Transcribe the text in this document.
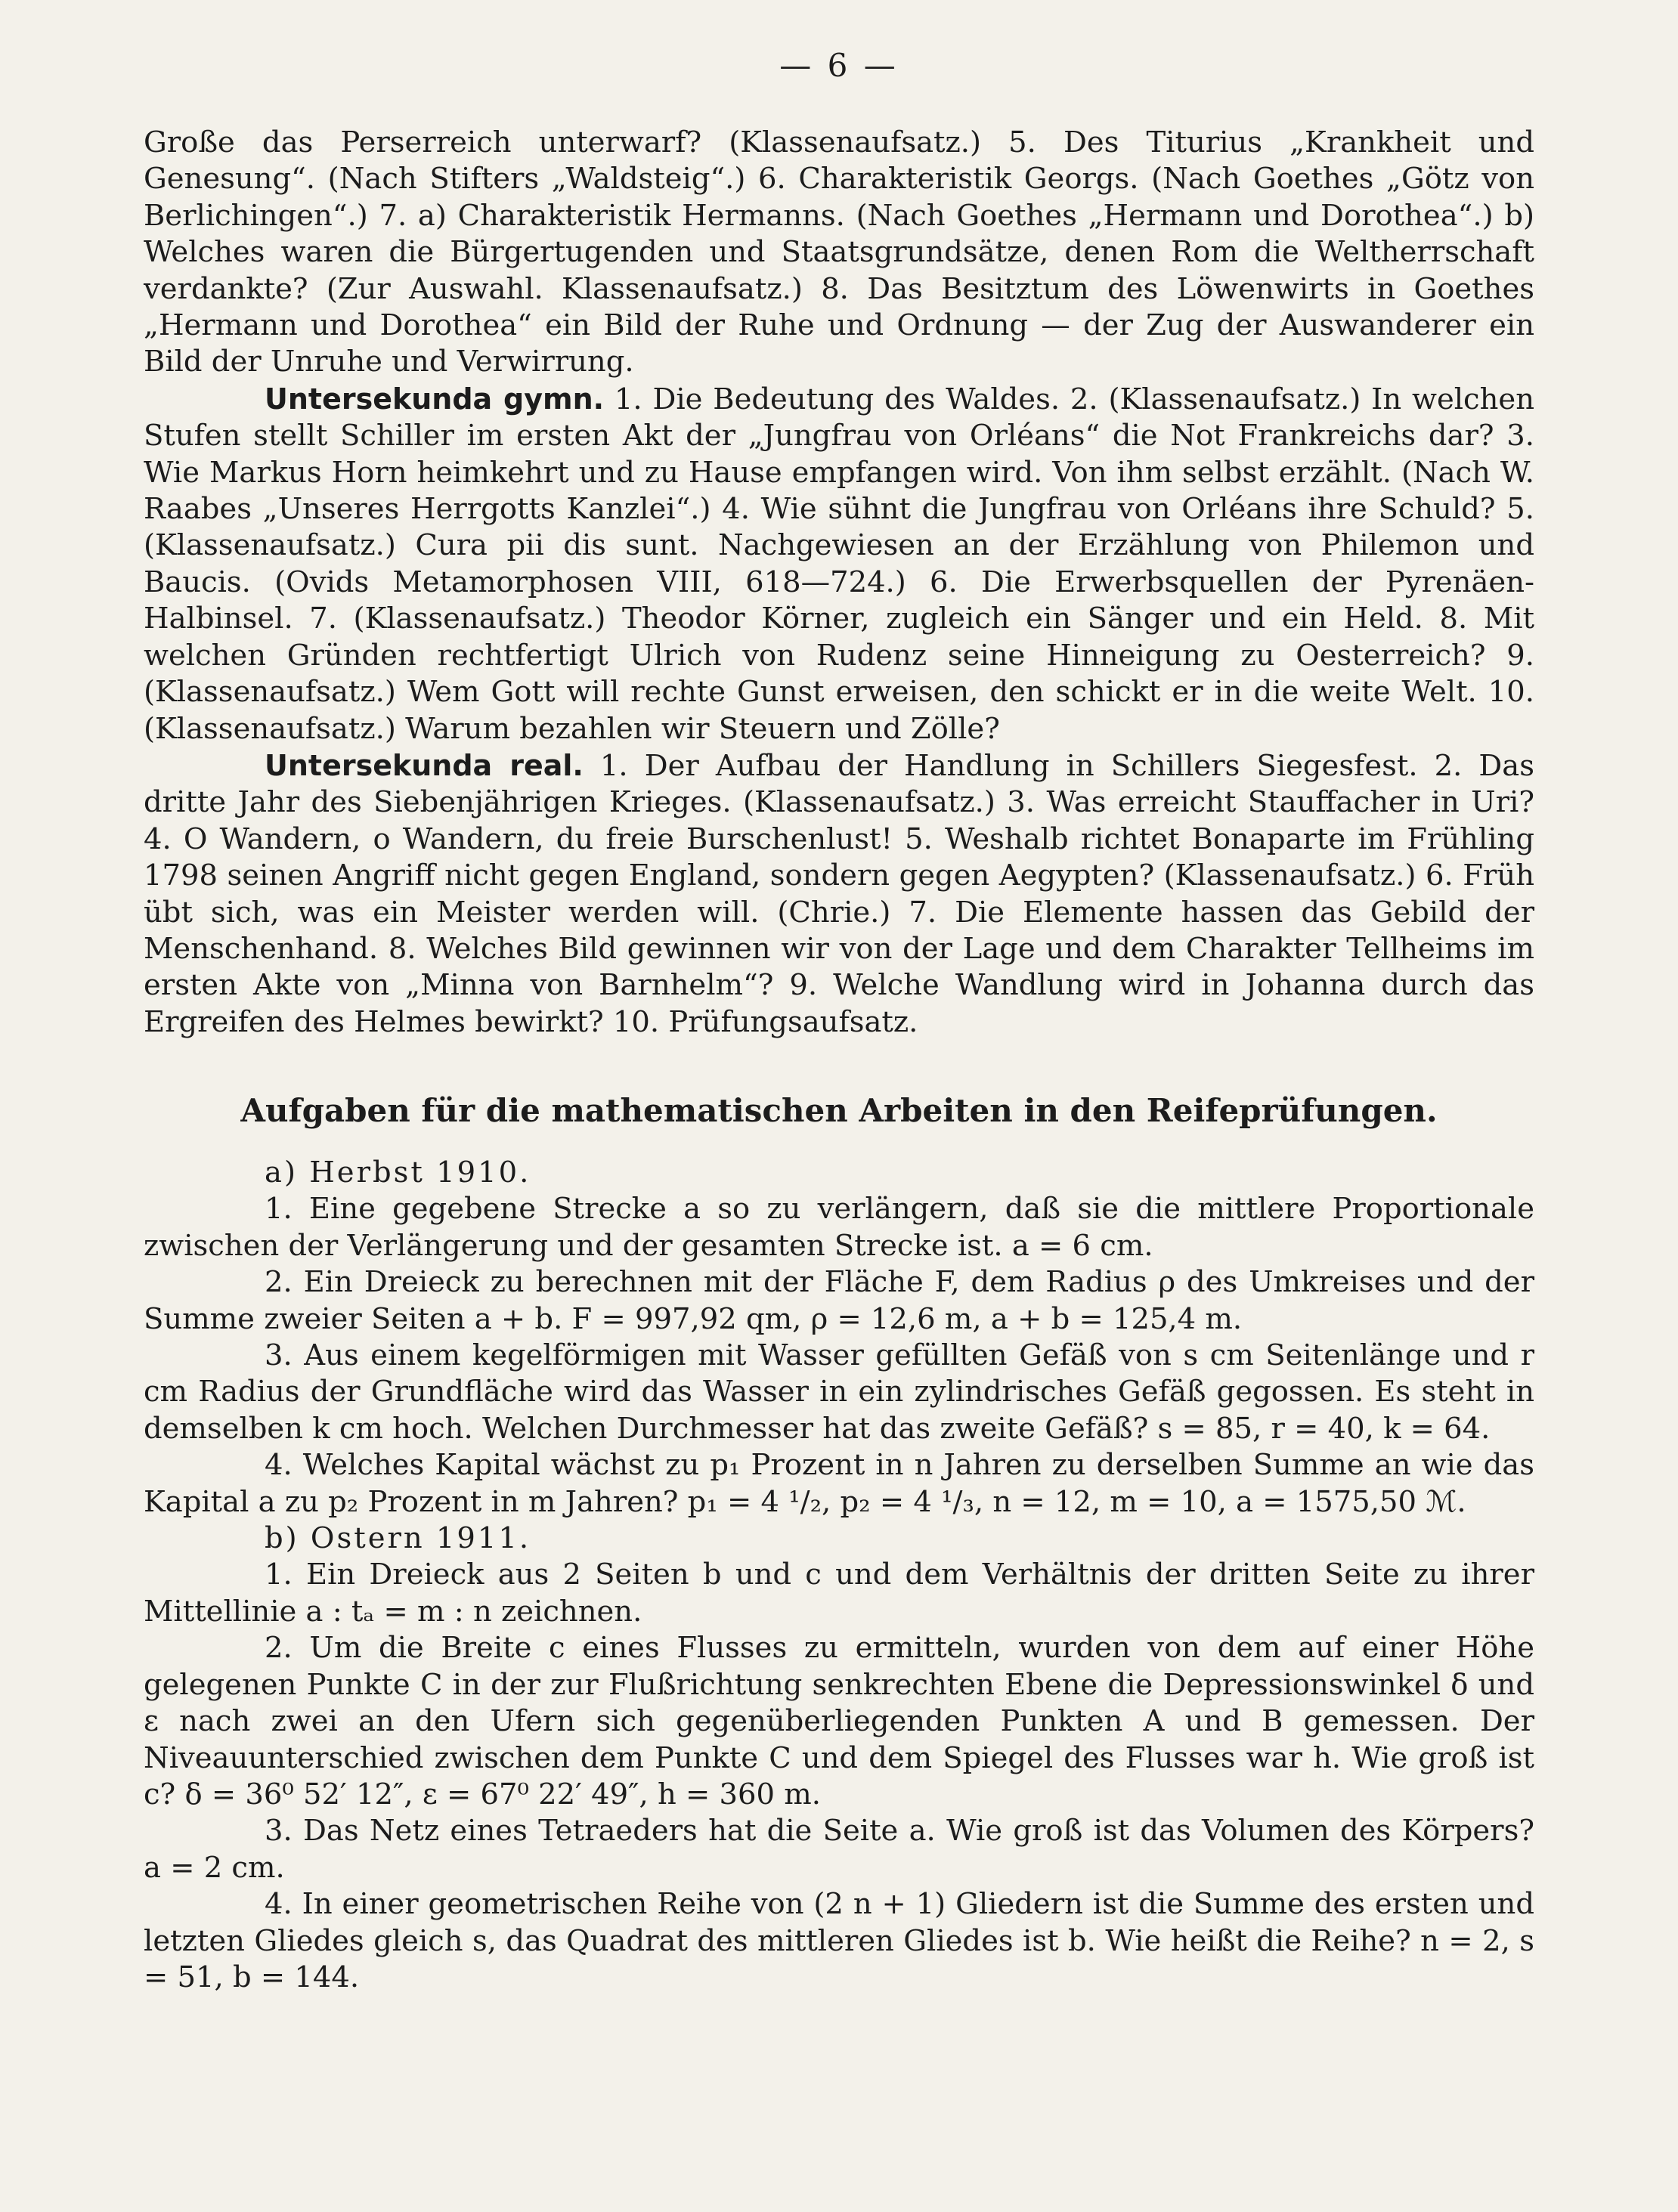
— 6 —

Große das Perserreich unterwarf? (Klassenaufsatz.) 5. Des Titurius „Krankheit und Genesung“. (Nach Stifters „Waldsteig“.) 6. Charakteristik Georgs. (Nach Goethes „Götz von Berlichingen“.) 7. a) Charakteristik Hermanns. (Nach Goethes „Hermann und Dorothea“.) b) Welches waren die Bürgertugenden und Staatsgrundsätze, denen Rom die Weltherrschaft verdankte? (Zur Auswahl. Klassenaufsatz.) 8. Das Besitztum des Löwenwirts in Goethes „Hermann und Dorothea“ ein Bild der Ruhe und Ordnung — der Zug der Auswanderer ein Bild der Unruhe und Verwirrung.

Untersekunda gymn. 1. Die Bedeutung des Waldes. 2. (Klassenaufsatz.) In welchen Stufen stellt Schiller im ersten Akt der „Jungfrau von Orléans“ die Not Frankreichs dar? 3. Wie Markus Horn heimkehrt und zu Hause empfangen wird. Von ihm selbst erzählt. (Nach W. Raabes „Unseres Herrgotts Kanzlei“.) 4. Wie sühnt die Jungfrau von Orléans ihre Schuld? 5. (Klassenaufsatz.) Cura pii dis sunt. Nachgewiesen an der Erzählung von Philemon und Baucis. (Ovids Metamorphosen VIII, 618—724.) 6. Die Erwerbsquellen der Pyrenäen-Halbinsel. 7. (Klassenaufsatz.) Theodor Körner, zugleich ein Sänger und ein Held. 8. Mit welchen Gründen rechtfertigt Ulrich von Rudenz seine Hinneigung zu Oesterreich? 9. (Klassenaufsatz.) Wem Gott will rechte Gunst erweisen, den schickt er in die weite Welt. 10. (Klassenaufsatz.) Warum bezahlen wir Steuern und Zölle?

Untersekunda real. 1. Der Aufbau der Handlung in Schillers Siegesfest. 2. Das dritte Jahr des Siebenjährigen Krieges. (Klassenaufsatz.) 3. Was erreicht Stauffacher in Uri? 4. O Wandern, o Wandern, du freie Burschenlust! 5. Weshalb richtet Bonaparte im Frühling 1798 seinen Angriff nicht gegen England, sondern gegen Aegypten? (Klassenaufsatz.) 6. Früh übt sich, was ein Meister werden will. (Chrie.) 7. Die Elemente hassen das Gebild der Menschenhand. 8. Welches Bild gewinnen wir von der Lage und dem Charakter Tellheims im ersten Akte von „Minna von Barnhelm“? 9. Welche Wandlung wird in Johanna durch das Ergreifen des Helmes bewirkt? 10. Prüfungsaufsatz.

Aufgaben für die mathematischen Arbeiten in den Reifeprüfungen.

a) Herbst 1910.

1. Eine gegebene Strecke a so zu verlängern, daß sie die mittlere Proportionale zwischen der Verlängerung und der gesamten Strecke ist. a = 6 cm.

2. Ein Dreieck zu berechnen mit der Fläche F, dem Radius ρ des Umkreises und der Summe zweier Seiten a + b. F = 997,92 qm, ρ = 12,6 m, a + b = 125,4 m.

3. Aus einem kegelförmigen mit Wasser gefüllten Gefäß von s cm Seitenlänge und r cm Radius der Grundfläche wird das Wasser in ein zylindrisches Gefäß gegossen. Es steht in demselben k cm hoch. Welchen Durchmesser hat das zweite Gefäß? s = 85, r = 40, k = 64.

4. Welches Kapital wächst zu p₁ Prozent in n Jahren zu derselben Summe an wie das Kapital a zu p₂ Prozent in m Jahren? p₁ = 4 ¹/₂, p₂ = 4 ¹/₃, n = 12, m = 10, a = 1575,50 ℳ.

b) Ostern 1911.

1. Ein Dreieck aus 2 Seiten b und c und dem Verhältnis der dritten Seite zu ihrer Mittellinie a : tₐ = m : n zeichnen.

2. Um die Breite c eines Flusses zu ermitteln, wurden von dem auf einer Höhe gelegenen Punkte C in der zur Flußrichtung senkrechten Ebene die Depressionswinkel δ und ε nach zwei an den Ufern sich gegenüberliegenden Punkten A und B gemessen. Der Niveauunterschied zwischen dem Punkte C und dem Spiegel des Flusses war h. Wie groß ist c? δ = 36⁰ 52′ 12″, ε = 67⁰ 22′ 49″, h = 360 m.

3. Das Netz eines Tetraeders hat die Seite a. Wie groß ist das Volumen des Körpers? a = 2 cm.

4. In einer geometrischen Reihe von (2 n + 1) Gliedern ist die Summe des ersten und letzten Gliedes gleich s, das Quadrat des mittleren Gliedes ist b. Wie heißt die Reihe? n = 2, s = 51, b = 144.
